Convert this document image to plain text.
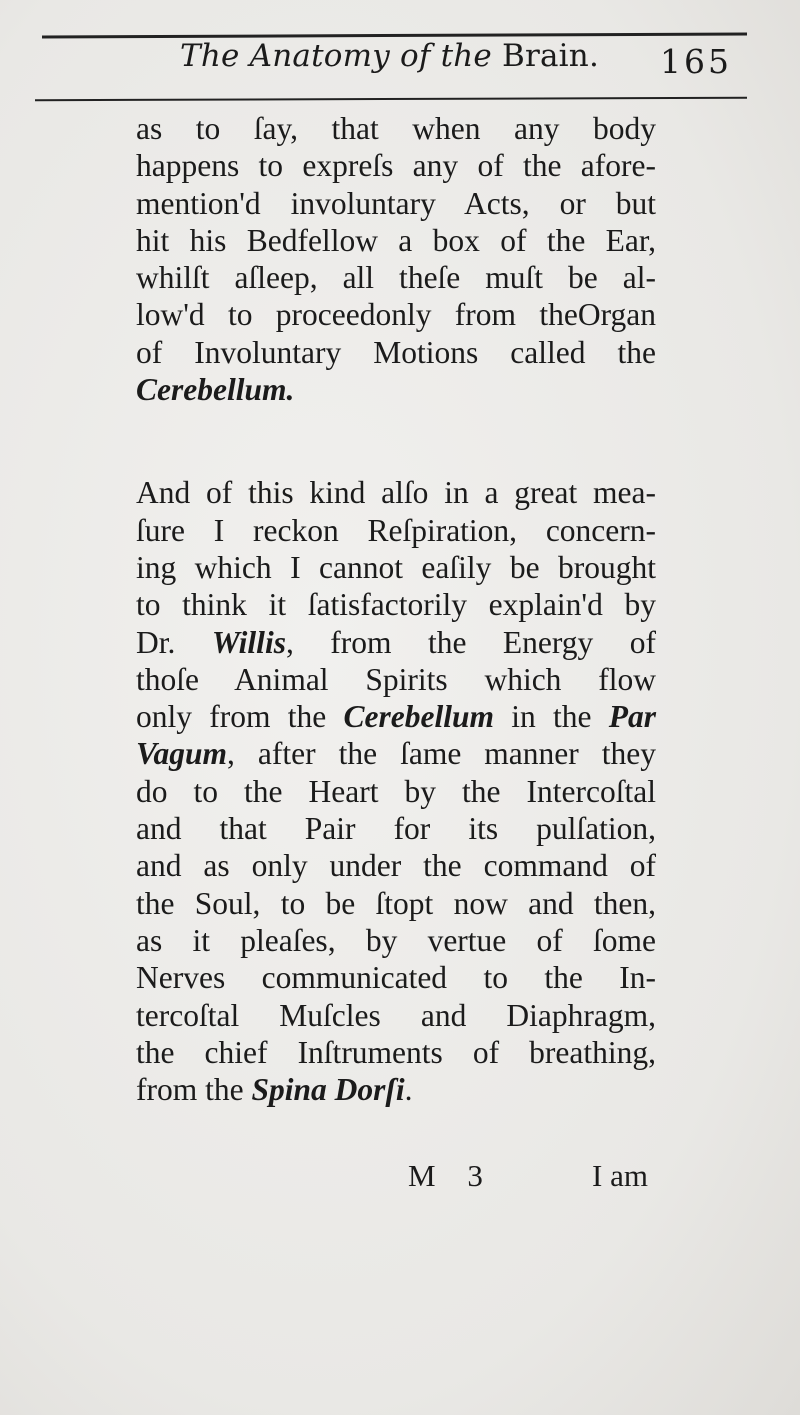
The Anatomy of the Brain. 165
as to ſay, that when any body
happens to expreſs any of the afore-
mention'd involuntary Acts, or but
hit his Bedfellow a box of the Ear,
whilſt aſleep, all theſe muſt be al-
low'd to proceedonly from theOrgan
of Involuntary Motions called the
Cerebellum.
And of this kind alſo in a great mea-
ſure I reckon Reſpiration, concern-
ing which I cannot eaſily be brought
to think it ſatisfactorily explain'd by
Dr. Willis, from the Energy of
thoſe Animal Spirits which flow
only from the Cerebellum in the Par
Vagum, after the ſame manner they
do to the Heart by the Intercoſtal
and that Pair for its pulſation,
and as only under the command of
the Soul, to be ſtopt now and then,
as it pleaſes, by vertue of ſome
Nerves communicated to the In-
tercoſtal Muſcles and Diaphragm,
the chief Inſtruments of breathing,
from the Spina Dorſi.
M 3	I am
